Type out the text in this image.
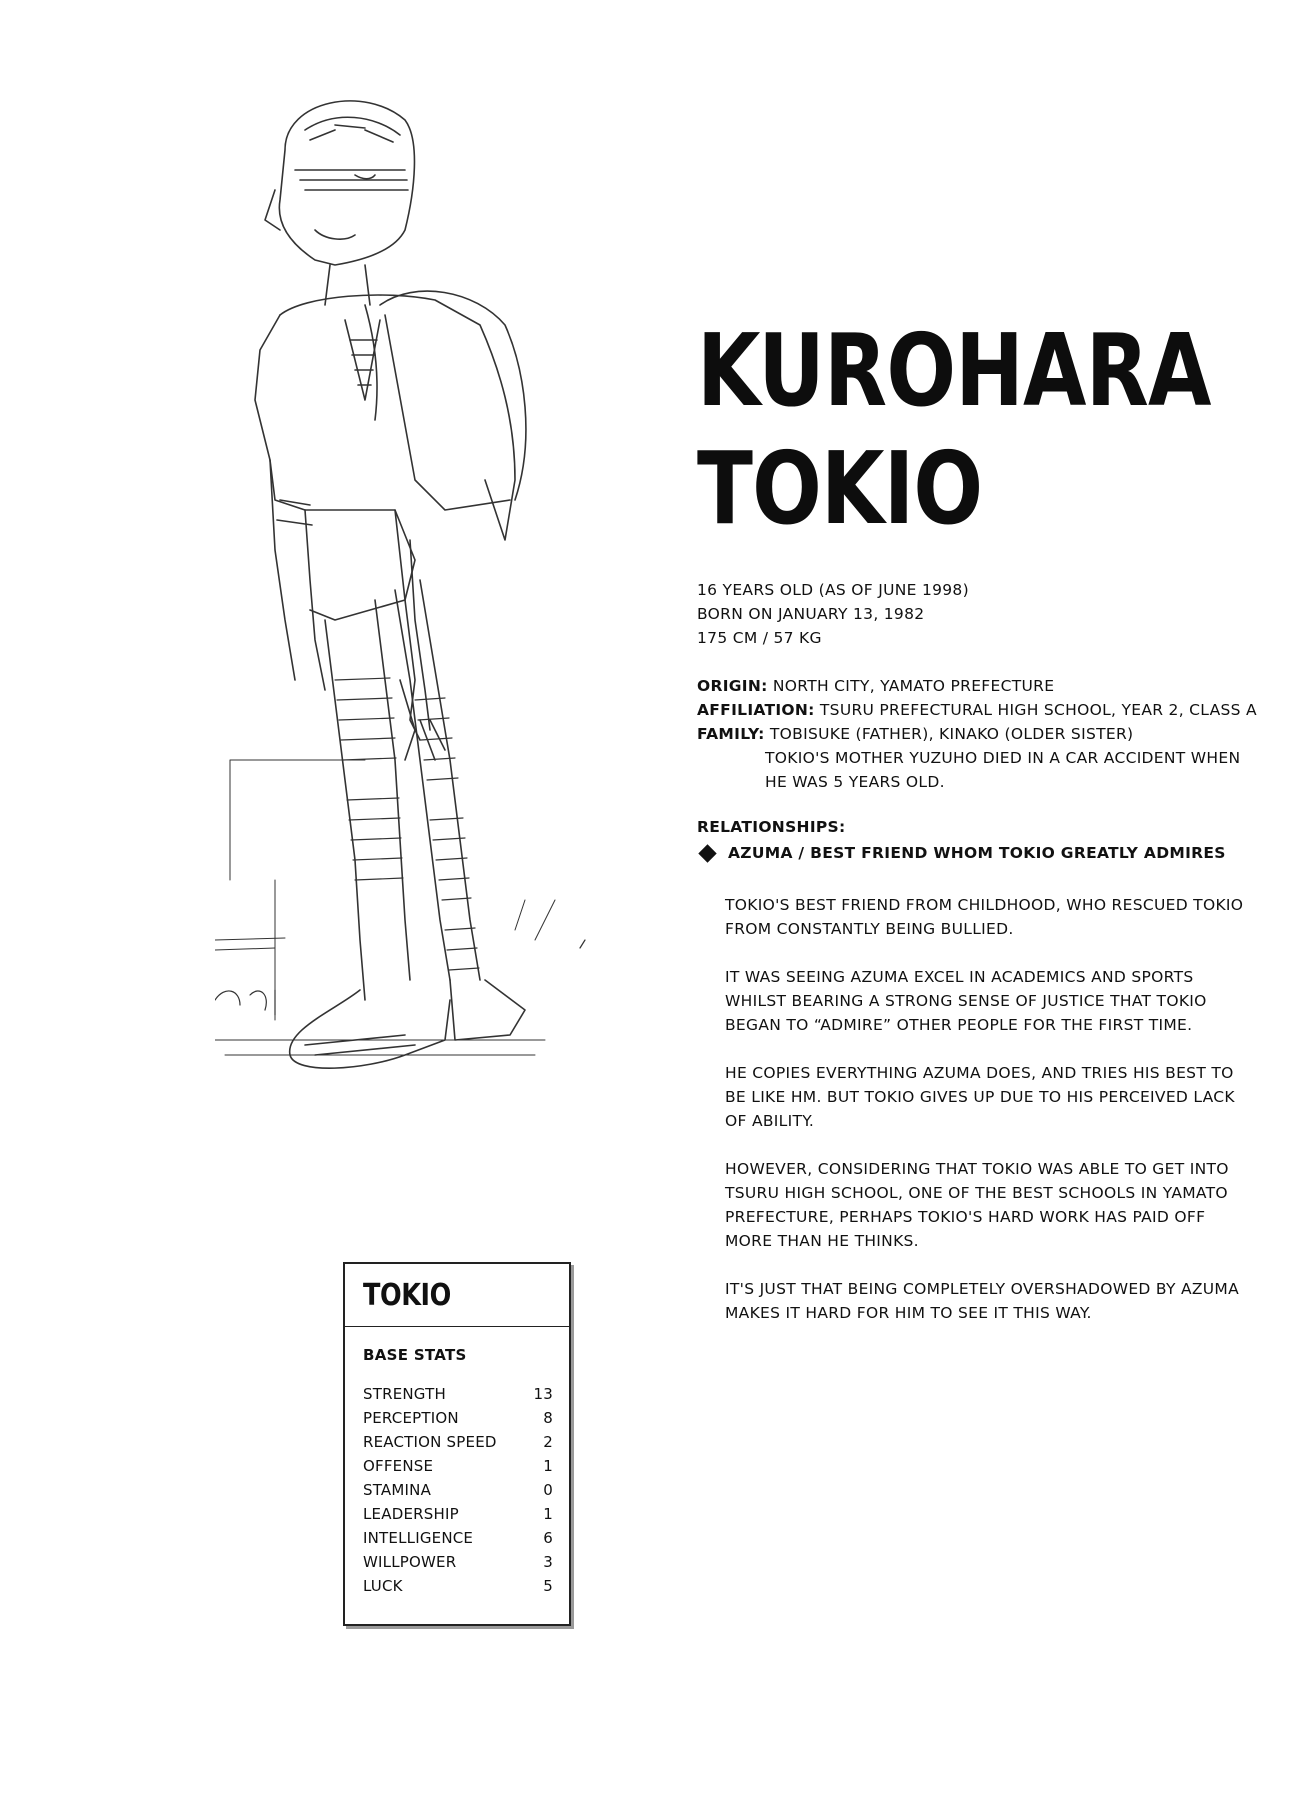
KUROHARA
TOKIO

16 YEARS OLD (AS OF JUNE 1998)

BORN ON JANUARY 13, 1982

175 CM / 57 KG

ORIGIN: NORTH CITY, YAMATO PREFECTURE

AFFILIATION: TSURU PREFECTURAL HIGH SCHOOL, YEAR 2, CLASS A

FAMILY: TOBISUKE (FATHER), KINAKO (OLDER SISTER)

TOKIO'S MOTHER YUZUHO DIED IN A CAR ACCIDENT WHEN

HE WAS 5 YEARS OLD.

RELATIONSHIPS:
AZUMA / BEST FRIEND WHOM TOKIO GREATLY ADMIRES

TOKIO'S BEST FRIEND FROM CHILDHOOD, WHO RESCUED TOKIO FROM CONSTANTLY BEING BULLIED.

IT WAS SEEING AZUMA EXCEL IN ACADEMICS AND SPORTS WHILST BEARING A STRONG SENSE OF JUSTICE THAT TOKIO BEGAN TO “ADMIRE” OTHER PEOPLE FOR THE FIRST TIME.

HE COPIES EVERYTHING AZUMA DOES, AND TRIES HIS BEST TO BE LIKE HM. BUT TOKIO GIVES UP DUE TO HIS PERCEIVED LACK OF ABILITY.

HOWEVER, CONSIDERING THAT TOKIO WAS ABLE TO GET INTO TSURU HIGH SCHOOL, ONE OF THE BEST SCHOOLS IN YAMATO PREFECTURE, PERHAPS TOKIO'S HARD WORK HAS PAID OFF MORE THAN HE THINKS.

IT'S JUST THAT BEING COMPLETELY OVERSHADOWED BY AZUMA MAKES IT HARD FOR HIM TO SEE IT THIS WAY.

TOKIO
BASE STATS
STRENGTH	13
PERCEPTION	8
REACTION SPEED	2
OFFENSE	1
STAMINA	0
LEADERSHIP	1
INTELLIGENCE	6
WILLPOWER	3
LUCK	5
